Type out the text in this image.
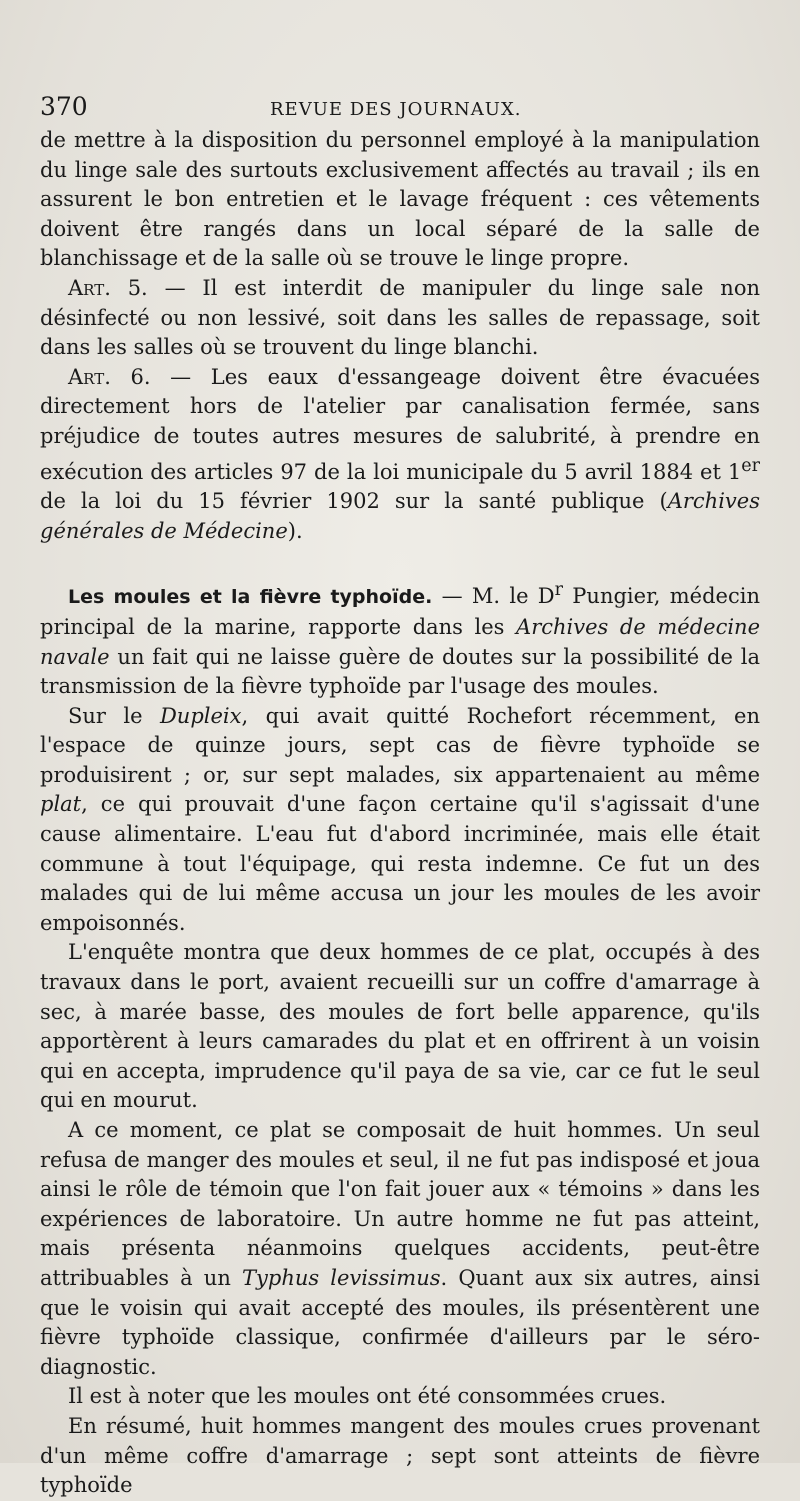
370	REVUE DES JOURNAUX.

de mettre à la disposition du personnel employé à la manipulation du linge sale des surtouts exclusivement affectés au travail ; ils en assurent le bon entretien et le lavage fréquent : ces vêtements doivent être rangés dans un local séparé de la salle de blanchissage et de la salle où se trouve le linge propre.

Art. 5. — Il est interdit de manipuler du linge sale non désinfecté ou non lessivé, soit dans les salles de repassage, soit dans les salles où se trouvent du linge blanchi.

Art. 6. — Les eaux d'essangeage doivent être évacuées directement hors de l'atelier par canalisation fermée, sans préjudice de toutes autres mesures de salubrité, à prendre en exécution des articles 97 de la loi municipale du 5 avril 1884 et 1er de la loi du 15 février 1902 sur la santé publique (Archives générales de Médecine).

Les moules et la fièvre typhoïde. — M. le $D^r$ Pungier, médecin principal de la marine, rapporte dans les Archives de médecine navale un fait qui ne laisse guère de doutes sur la possibilité de la transmission de la fièvre typhoïde par l'usage des moules.

Sur le Dupleix, qui avait quitté Rochefort récemment, en l'espace de quinze jours, sept cas de fièvre typhoïde se produisirent ; or, sur sept malades, six appartenaient au même plat, ce qui prouvait d'une façon certaine qu'il s'agissait d'une cause alimentaire. L'eau fut d'abord incriminée, mais elle était commune à tout l'équipage, qui resta indemne. Ce fut un des malades qui de lui même accusa un jour les moules de les avoir empoisonnés.

L'enquête montra que deux hommes de ce plat, occupés à des travaux dans le port, avaient recueilli sur un coffre d'amarrage à sec, à marée basse, des moules de fort belle apparence, qu'ils apportèrent à leurs camarades du plat et en offrirent à un voisin qui en accepta, imprudence qu'il paya de sa vie, car ce fut le seul qui en mourut.

A ce moment, ce plat se composait de huit hommes. Un seul refusa de manger des moules et seul, il ne fut pas indisposé et joua ainsi le rôle de témoin que l'on fait jouer aux « témoins » dans les expériences de laboratoire. Un autre homme ne fut pas atteint, mais présenta néanmoins quelques accidents, peut-être attribuables à un Typhus levissimus. Quant aux six autres, ainsi que le voisin qui avait accepté des moules, ils présentèrent une fièvre typhoïde classique, confirmée d'ailleurs par le séro-diagnostic.

Il est à noter que les moules ont été consommées crues.

En résumé, huit hommes mangent des moules crues provenant d'un même coffre d'amarrage ; sept sont atteints de fièvre typhoïde
